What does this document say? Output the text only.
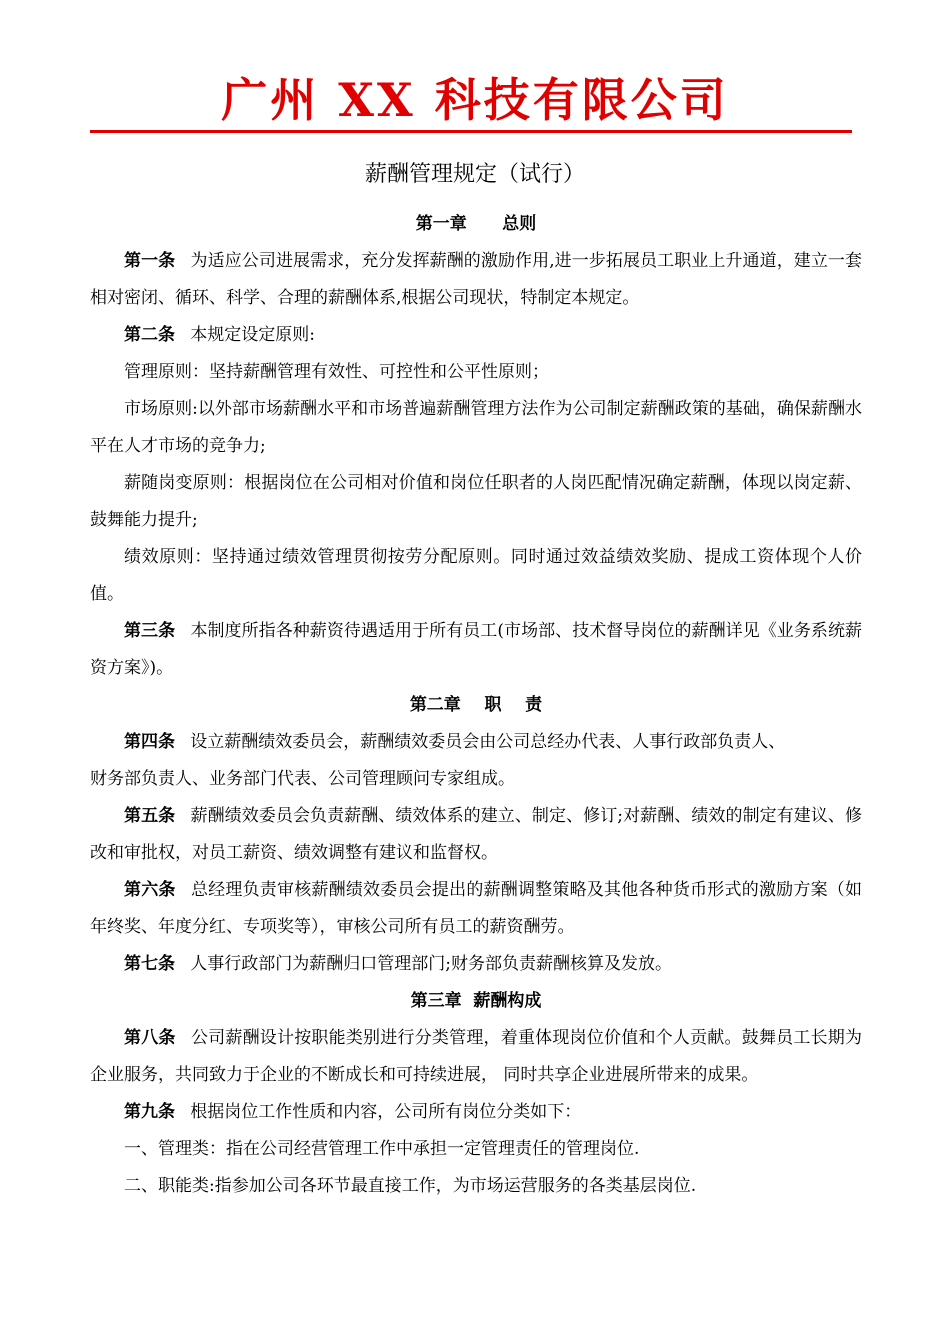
广州 XX 科技有限公司
薪酬管理规定（试行）
第一章      总则

第一条 为适应公司进展需求，充分发挥薪酬的激励作用,进一步拓展员工职业上升通道，建立一套相对密闭、循环、科学、合理的薪酬体系,根据公司现状，特制定本规定。

第二条 本规定设定原则:

管理原则：坚持薪酬管理有效性、可控性和公平性原则；

市场原则:以外部市场薪酬水平和市场普遍薪酬管理方法作为公司制定薪酬政策的基础，确保薪酬水平在人才市场的竞争力;

薪随岗变原则：根据岗位在公司相对价值和岗位任职者的人岗匹配情况确定薪酬，体现以岗定薪、鼓舞能力提升;

绩效原则：坚持通过绩效管理贯彻按劳分配原则。同时通过效益绩效奖励、提成工资体现个人价值。

第三条 本制度所指各种薪资待遇适用于所有员工(市场部、技术督导岗位的薪酬详见《业务系统薪资方案》)。

第二章    职    责

第四条 设立薪酬绩效委员会，薪酬绩效委员会由公司总经办代表、人事行政部负责人、

财务部负责人、业务部门代表、公司管理顾问专家组成。

第五条 薪酬绩效委员会负责薪酬、绩效体系的建立、制定、修订;对薪酬、绩效的制定有建议、修改和审批权，对员工薪资、绩效调整有建议和监督权。

第六条 总经理负责审核薪酬绩效委员会提出的薪酬调整策略及其他各种货币形式的激励方案（如年终奖、年度分红、专项奖等），审核公司所有员工的薪资酬劳。

第七条 人事行政部门为薪酬归口管理部门;财务部负责薪酬核算及发放。

第三章  薪酬构成

第八条 公司薪酬设计按职能类别进行分类管理，着重体现岗位价值和个人贡献。鼓舞员工长期为企业服务，共同致力于企业的不断成长和可持续进展， 同时共享企业进展所带来的成果。

第九条 根据岗位工作性质和内容，公司所有岗位分类如下：

一、管理类：指在公司经营管理工作中承担一定管理责任的管理岗位.

二、职能类:指参加公司各环节最直接工作，为市场运营服务的各类基层岗位.
